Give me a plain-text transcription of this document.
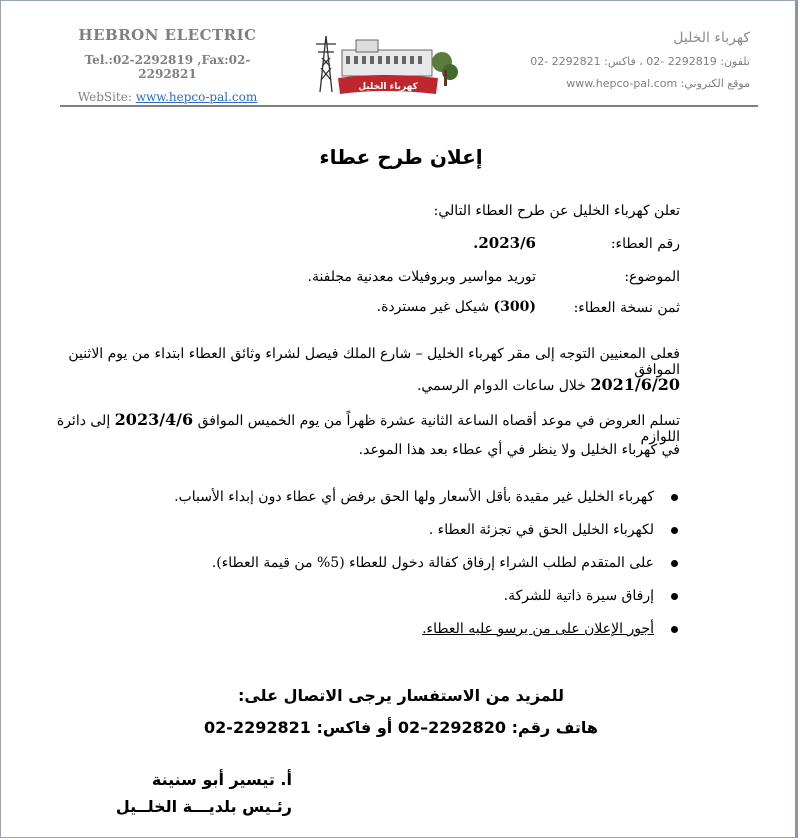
HEBRON ELECTRIC
Tel.:02-2292819 ,Fax:02-2292821
WebSite: www.hepco-pal.com
كهرباء الخليل
كهرباء الخليل
تلفون: 2292819 -02 ، فاكس: 2292821 -02
موقع الكتروني: www.hepco-pal.com
إعلان طرح عطاء
تعلن كهرباء الخليل عن طرح العطاء التالي:
رقم العطاء:
2023/6.
الموضوع:
توريد مواسير وبروفيلات معدنية مجلفنة.
ثمن نسخة العطاء:
(300) شيكل غير مستردة.
فعلى المعنيين التوجه إلى مقر كهرباء الخليل – شارع الملك فيصل لشراء وثائق العطاء ابتداء من يوم الاثنين الموافق
2021/6/20 خلال ساعات الدوام الرسمي.
تسلم العروض في موعد أقصاه الساعة الثانية عشرة ظهراً من يوم الخميس الموافق 2023/4/6 إلى دائرة اللوازم
في كهرباء الخليل ولا ينظر في أي عطاء بعد هذا الموعد.
كهرباء الخليل غير مقيدة بأقل الأسعار ولها الحق برفض أي عطاء دون إبداء الأسباب.
لكهرباء الخليل الحق في تجزئة العطاء .
على المتقدم لطلب الشراء إرفاق كفالة دخول للعطاء (5% من قيمة العطاء).
إرفاق سيرة ذاتية للشركة.
أجور الإعلان على من يرسو عليه العطاء.
للمزيد من الاستفسار يرجى الاتصال على:
هاتف رقم: 2292820–02 أو فاكس: 2292821-02
أ. تيسير أبو سنينة
رئـيس بلديـــة الخلــيل
